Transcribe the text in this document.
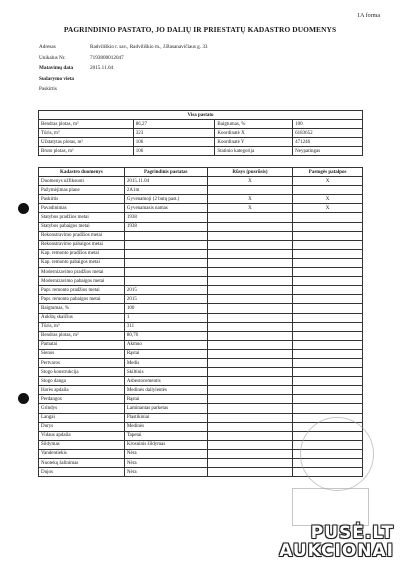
1A forma
PAGRINDINIO PASTATO, JO DALIŲ IR PRIESTATŲ KADASTRO DUOMENYS
Adresas	Radviliškio r. sav., Radviliškio m., J.Basanavičiaus g. 33
Unikalus Nr.	7193800012047
Matavimų data	2015.11.04
Sudarymo vieta
Paskirtis
Visa pastato			
Bendras plotas, m²	86,27	Baigtumas, %	100
Tūris, m³	323	Koordinatė X	6183652
Užstatytas plotas, m²	106	Koordinatė Y	471246
Bruto plotas, m²	106	Statinio kategorija	Neypatingas
Kadastro duomenys	Pagrindinis pastatas	Rūsys (pusrūsis)	Pastogės patalpos
Duomenys užfiksuoti	2015.11.04	X	X
Pažymėjimas plane	2A1m		
Paskirtis	Gyvenamoji (2 butų past.)	X	X
Pavadinimas	Gyvenamasis namas	X	X
Statybos pradžios metai	1938		
Statybos pabaigos metai	1938		
Rekonstravimo pradžios metai			
Rekonstravimo pabaigos metai			
Kap. remonto pradžios metai			
Kap. remonto pabaigos metai			
Modernizavimo pradžios metai			
Modernizavimo pabaigos metai			
Papr. remonto pradžios metai	2015		
Papr. remonto pabaigos metai	2015		
Baigtumas, %	100		
Aukštų skaičius	1		
Tūris, m³	311		
Bendras plotas, m²	80,76		
Pamatai	Akmuo		
Sienos	Rąstai		
Pertvaros	Medis		
Stogo konstrukcija	Skiltinis		
Stogo danga	Asbestocementis		
Išorės apdaila	Medinės dailylentės		
Perdangos	Rąstai		
Grindys	Laminantas parketas		
Langai	Plastikiniai		
Durys	Medinės		
Vidaus apdaila	Tapetai		
Šildymas	Krosninis šildymas		
Vandentiekis	Nėra		
Nuotekų šalinimas	Nėra		
Dujos	Nėra		
PUSĖ.LT
AUKCIONAI
